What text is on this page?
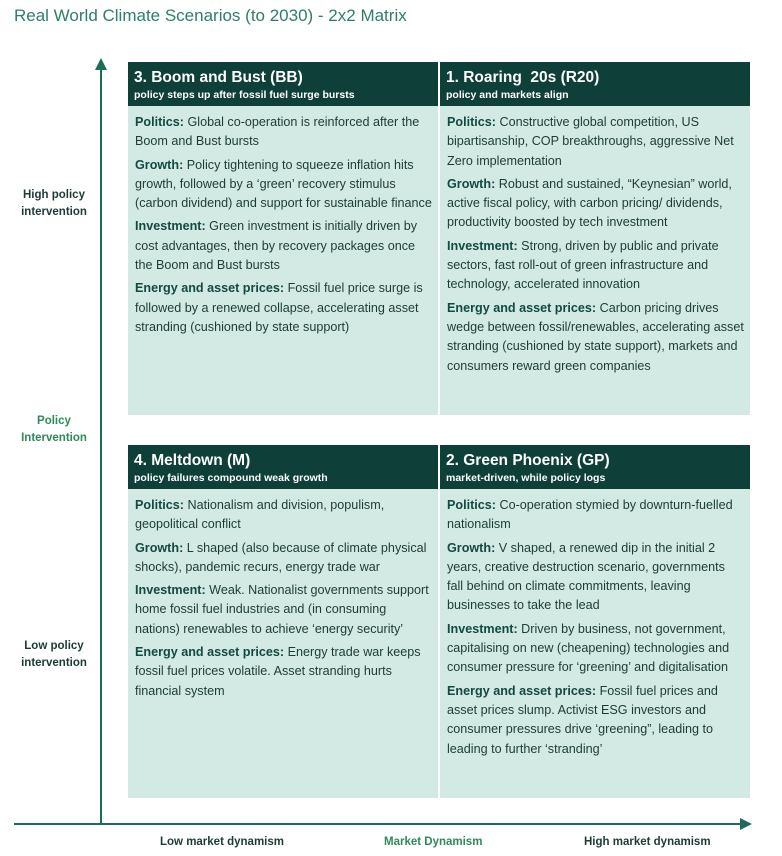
Real World Climate Scenarios (to 2030) - 2x2 Matrix
High policy
intervention
Policy
Intervention
Low policy
intervention
Low market dynamism	Market Dynamism	High market dynamism
3. Boom and Bust (BB)
policy steps up after fossil fuel surge bursts

Politics: Global co-operation is reinforced after the Boom and Bust bursts

Growth: Policy tightening to squeeze inflation hits growth, followed by a ‘green’ recovery stimulus (carbon dividend) and support for sustainable finance

Investment: Green investment is initially driven by cost advantages, then by recovery packages once the Boom and Bust bursts

Energy and asset prices: Fossil fuel price surge is followed by a renewed collapse, accelerating asset stranding (cushioned by state support)

1. Roaring  20s (R20)
policy and markets align

Politics: Constructive global competition, US bipartisanship, COP breakthroughs, aggressive Net Zero implementation

Growth: Robust and sustained, “Keynesian” world, active fiscal policy, with carbon pricing/ dividends, productivity boosted by tech investment

Investment: Strong, driven by public and private sectors, fast roll-out of green infrastructure and technology, accelerated innovation

Energy and asset prices: Carbon pricing drives wedge between fossil/renewables, accelerating asset stranding (cushioned by state support), markets and consumers reward green companies

4. Meltdown (M)
policy failures compound weak growth

Politics: Nationalism and division, populism, geopolitical conflict

Growth: L shaped (also because of climate physical shocks), pandemic recurs, energy trade war

Investment: Weak. Nationalist governments support home fossil fuel industries and (in consuming nations) renewables to achieve ‘energy security’

Energy and asset prices: Energy trade war keeps fossil fuel prices volatile. Asset stranding hurts financial system

2. Green Phoenix (GP)
market-driven, while policy logs

Politics: Co-operation stymied by downturn-fuelled nationalism

Growth: V shaped, a renewed dip in the initial 2 years, creative destruction scenario, governments fall behind on climate commitments, leaving businesses to take the lead

Investment: Driven by business, not government, capitalising on new (cheapening) technologies and consumer pressure for ‘greening’ and digitalisation

Energy and asset prices: Fossil fuel prices and asset prices slump. Activist ESG investors and consumer pressures drive ‘greening”, leading to leading to further ‘stranding’
